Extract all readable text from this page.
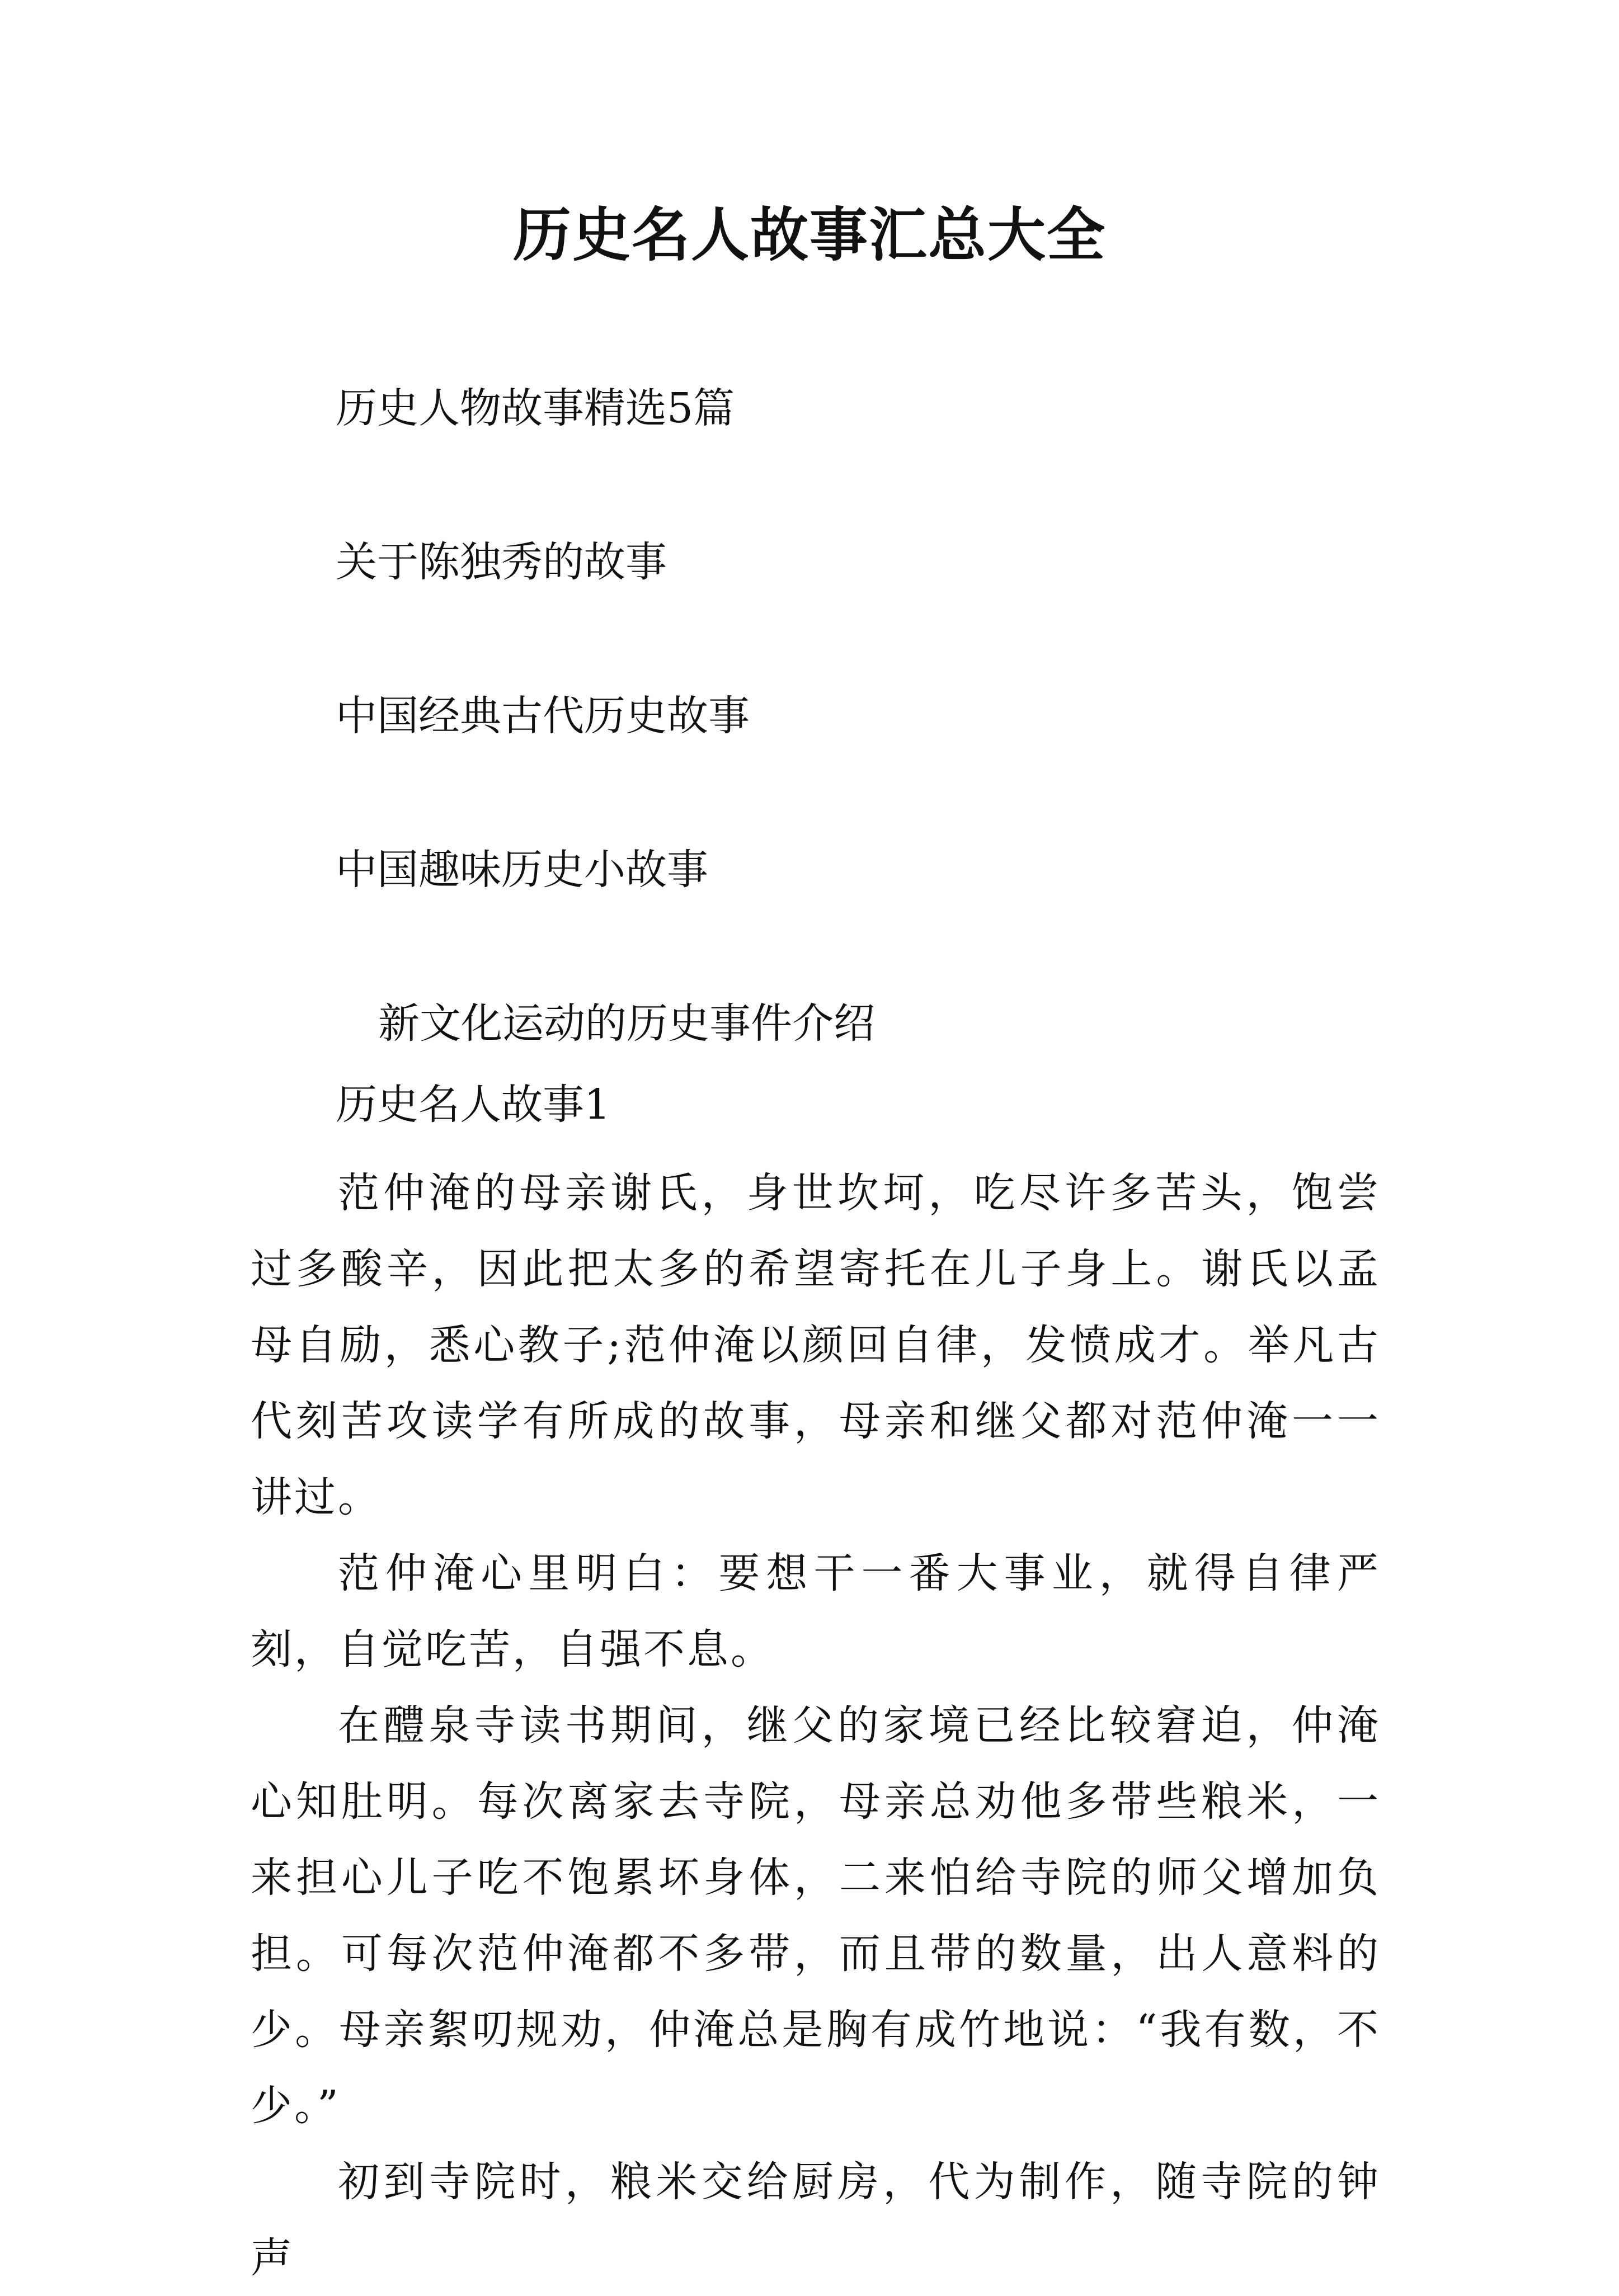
历史名人故事汇总大全
历史人物故事精选5篇
关于陈独秀的故事
中国经典古代历史故事
中国趣味历史小故事
新文化运动的历史事件介绍
历史名人故事1

范仲淹的母亲谢氏，身世坎坷，吃尽许多苦头，饱尝过多酸辛，因此把太多的希望寄托在儿子身上。谢氏以孟母自励，悉心教子;范仲淹以颜回自律，发愤成才。举凡古代刻苦攻读学有所成的故事，母亲和继父都对范仲淹一一讲过。

范仲淹心里明白：要想干一番大事业，就得自律严刻，自觉吃苦，自强不息。

在醴泉寺读书期间，继父的家境已经比较窘迫，仲淹心知肚明。每次离家去寺院，母亲总劝他多带些粮米，一来担心儿子吃不饱累坏身体，二来怕给寺院的师父增加负担。可每次范仲淹都不多带，而且带的数量，出人意料的少。母亲絮叨规劝，仲淹总是胸有成竹地说：“我有数，不少。”

初到寺院时，粮米交给厨房，代为制作，随寺院的钟声
